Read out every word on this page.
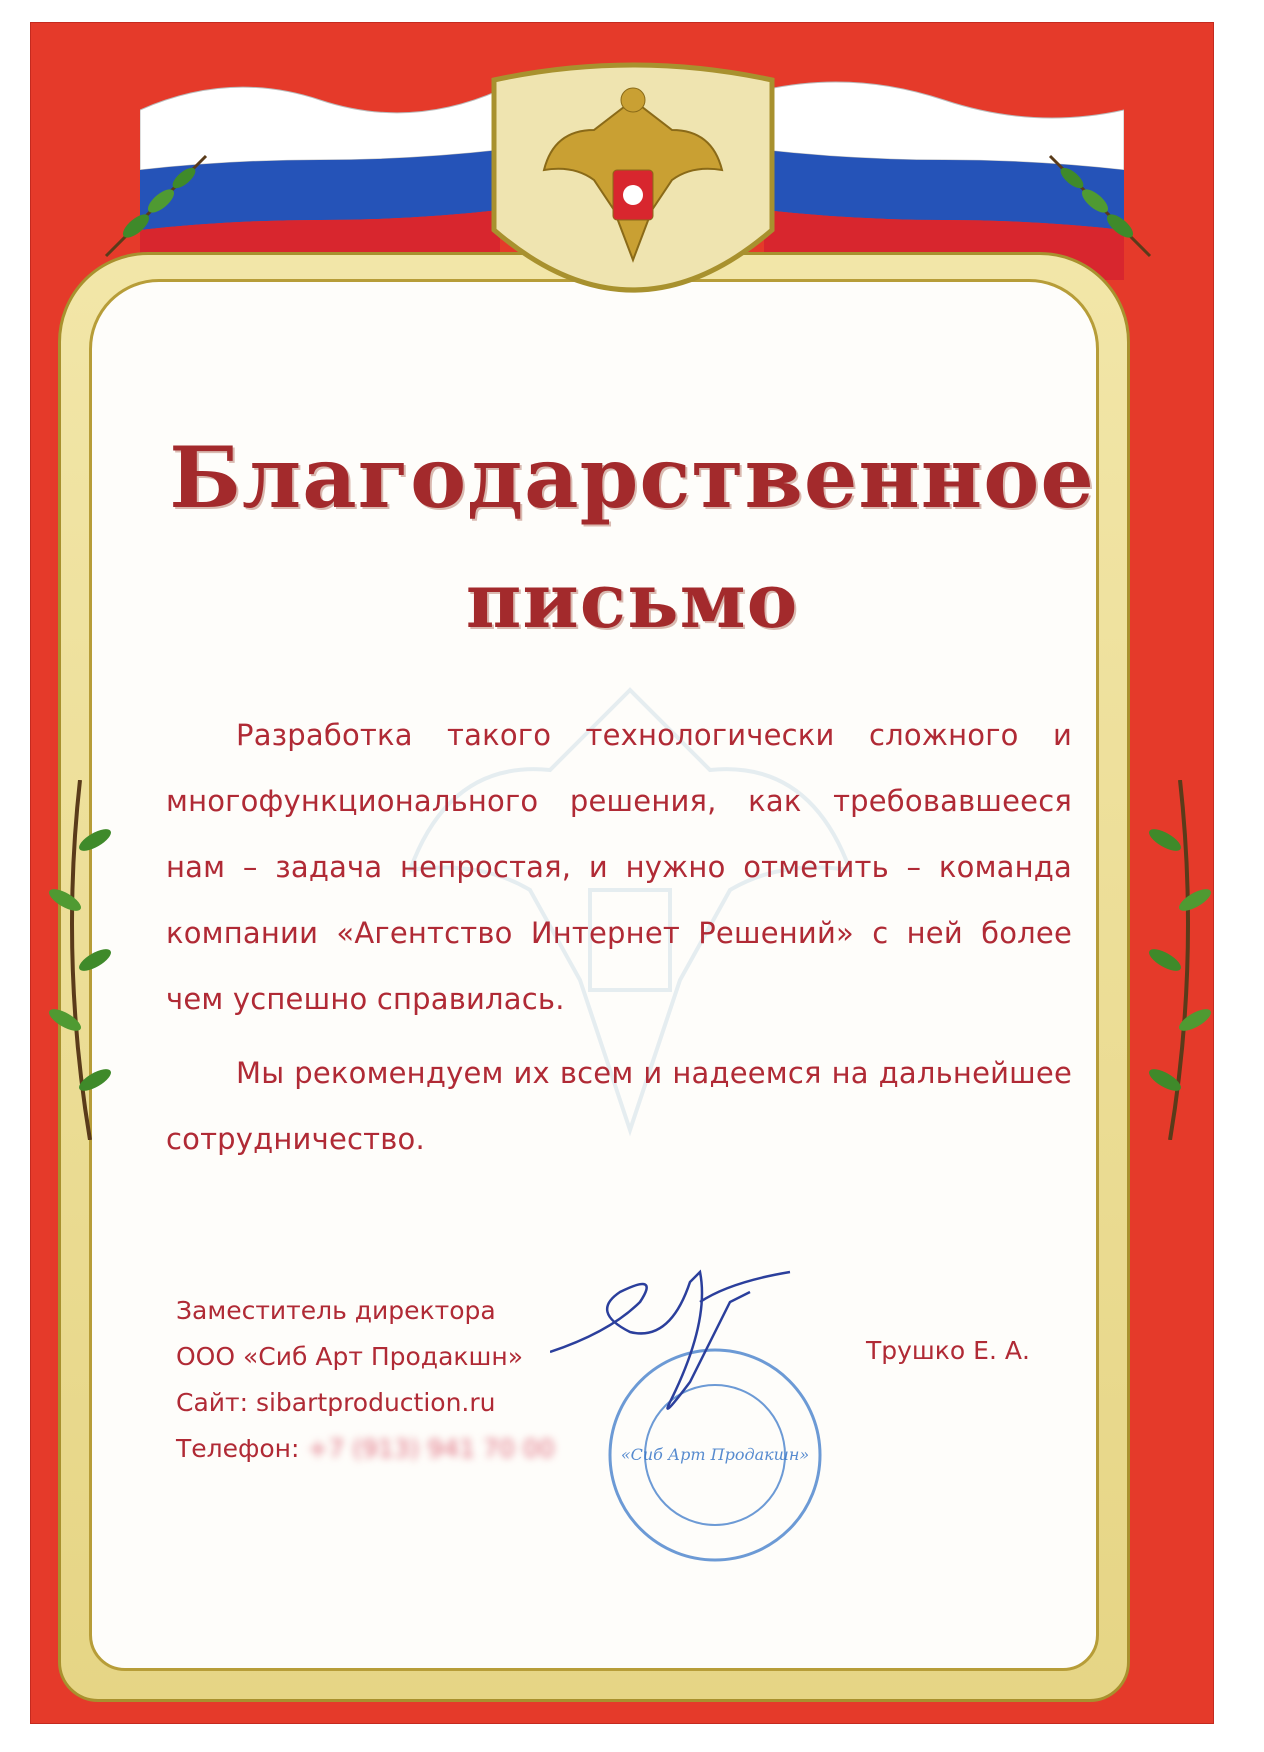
Благодарственное
письмо
Разработка такого технологически сложного и многофункционального решения, как требовавшееся нам – задача непростая, и нужно отметить – команда компании «Агентство Интернет Решений» с ней более чем успешно справилась.
Мы рекомендуем их всем и надеемся на дальнейшее сотрудничество.
Заместитель директора
ООО «Сиб Арт Продакшн»
Сайт: sibartproduction.ru
Телефон: +7 (913) 941 70 00
Трушко Е. А.
«Сиб Арт Продакшн»
